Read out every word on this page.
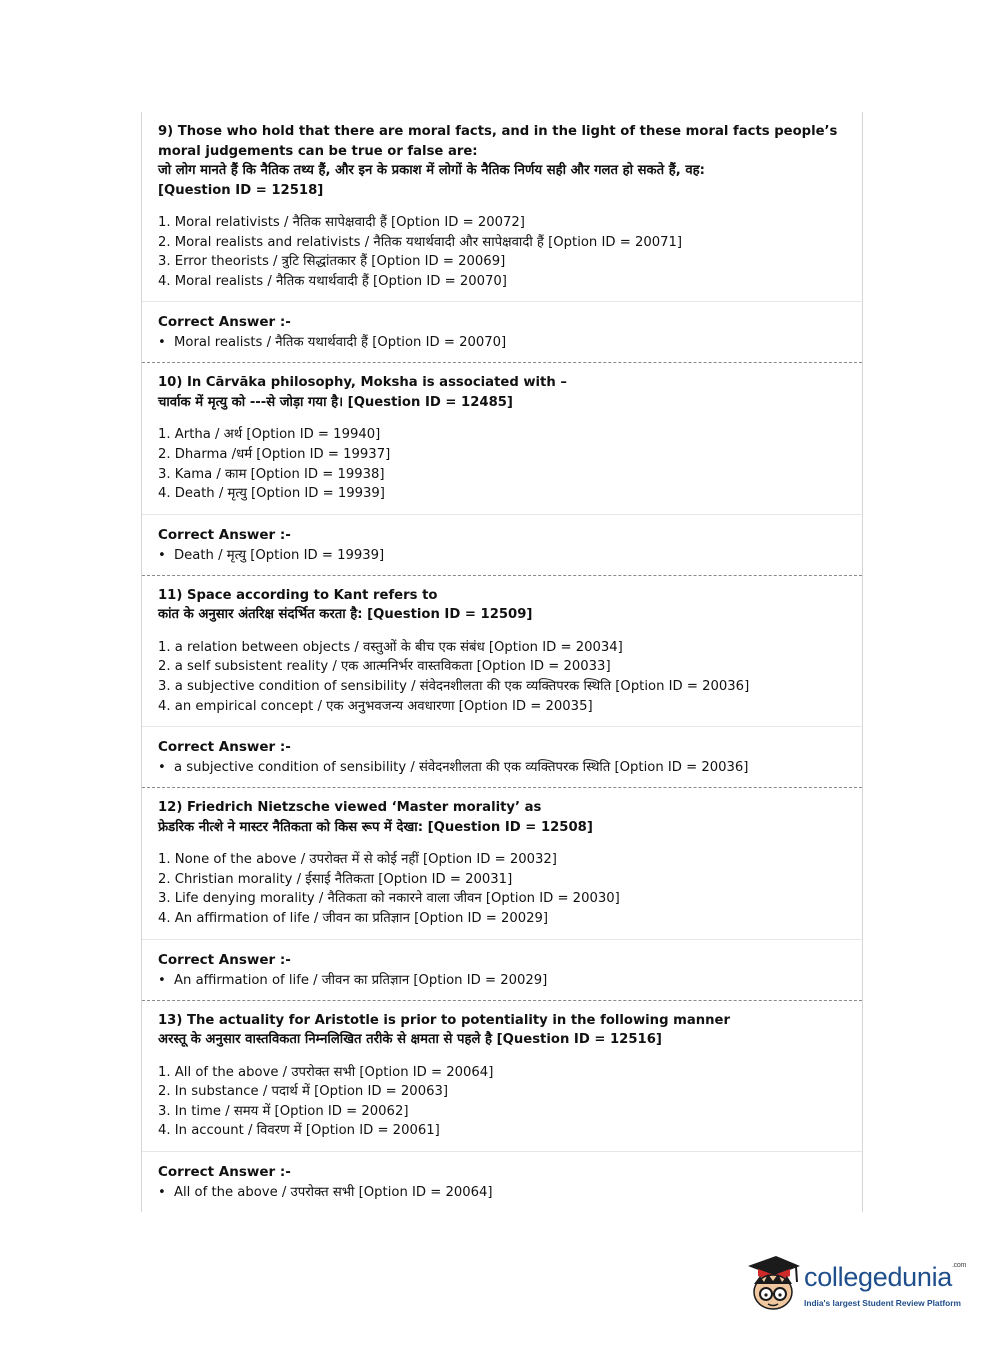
9) Those who hold that there are moral facts, and in the light of these moral facts people’s moral judgements can be true or false are:
जो लोग मानते हैं कि नैतिक तथ्य हैं, और इन के प्रकाश में लोगों के नैतिक निर्णय सही और गलत हो सकते हैं, वह:
[Question ID = 12518]
1. Moral relativists / नैतिक सापेक्षवादी हैं [Option ID = 20072]
2. Moral realists and relativists / नैतिक यथार्थवादी और सापेक्षवादी हैं [Option ID = 20071]
3. Error theorists / त्रुटि सिद्धांतकार हैं [Option ID = 20069]
4. Moral realists / नैतिक यथार्थवादी हैं [Option ID = 20070]
Correct Answer :-
• Moral realists / नैतिक यथार्थवादी हैं [Option ID = 20070]
10) In Cārvāka philosophy, Moksha is associated with –
चार्वाक में मृत्यु को ---से जोड़ा गया है। [Question ID = 12485]
1. Artha / अर्थ [Option ID = 19940]
2. Dharma /धर्म [Option ID = 19937]
3. Kama / काम [Option ID = 19938]
4. Death / मृत्यु [Option ID = 19939]
Correct Answer :-
• Death / मृत्यु [Option ID = 19939]
11) Space according to Kant refers to
कांत के अनुसार अंतरिक्ष संदर्भित करता है: [Question ID = 12509]
1. a relation between objects / वस्तुओं के बीच एक संबंध [Option ID = 20034]
2. a self subsistent reality / एक आत्मनिर्भर वास्तविकता [Option ID = 20033]
3. a subjective condition of sensibility / संवेदनशीलता की एक व्यक्तिपरक स्थिति [Option ID = 20036]
4. an empirical concept / एक अनुभवजन्य अवधारणा [Option ID = 20035]
Correct Answer :-
• a subjective condition of sensibility / संवेदनशीलता की एक व्यक्तिपरक स्थिति [Option ID = 20036]
12) Friedrich Nietzsche viewed ‘Master morality’ as
फ्रेडरिक नीत्शे ने मास्टर नैतिकता को किस रूप में देखा: [Question ID = 12508]
1. None of the above / उपरोक्त में से कोई नहीं [Option ID = 20032]
2. Christian morality / ईसाई नैतिकता [Option ID = 20031]
3. Life denying morality / नैतिकता को नकारने वाला जीवन [Option ID = 20030]
4. An affirmation of life / जीवन का प्रतिज्ञान [Option ID = 20029]
Correct Answer :-
• An affirmation of life / जीवन का प्रतिज्ञान [Option ID = 20029]
13) The actuality for Aristotle is prior to potentiality in the following manner
अरस्तू के अनुसार वास्तविकता निम्नलिखित तरीके से क्षमता से पहले है [Question ID = 12516]
1. All of the above / उपरोक्त सभी [Option ID = 20064]
2. In substance / पदार्थ में [Option ID = 20063]
3. In time / समय में [Option ID = 20062]
4. In account / विवरण में [Option ID = 20061]
Correct Answer :-
• All of the above / उपरोक्त सभी [Option ID = 20064]
collegedunia$^{.com}$
India's largest Student Review Platform
